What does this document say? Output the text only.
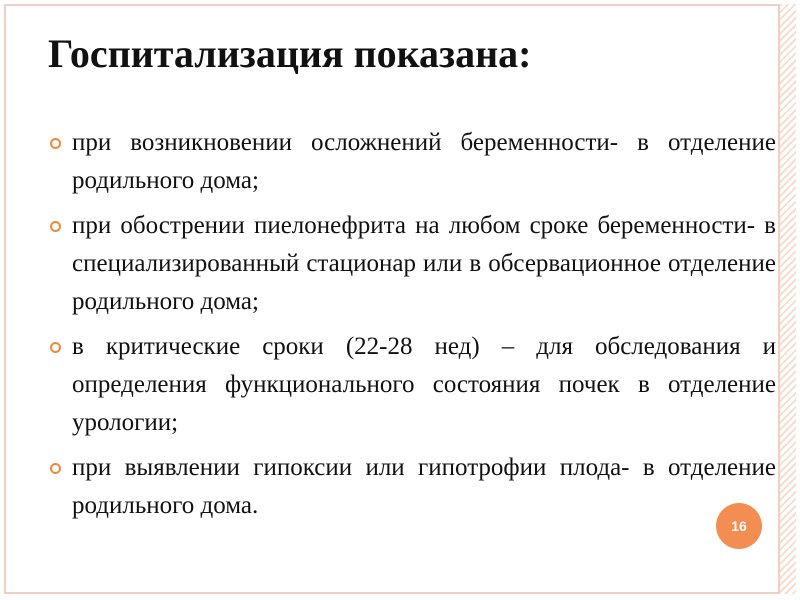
Госпитализация показана:
при возникновении осложнений беременности- в отделение родильного дома;
при обострении пиелонефрита на любом сроке беременности- в специализированный стационар или в обсервационное отделение родильного дома;
в критические сроки (22-28 нед) – для обследования и определения функционального состояния почек в отделение урологии;
при выявлении гипоксии или гипотрофии плода- в отделение родильного дома.
16
